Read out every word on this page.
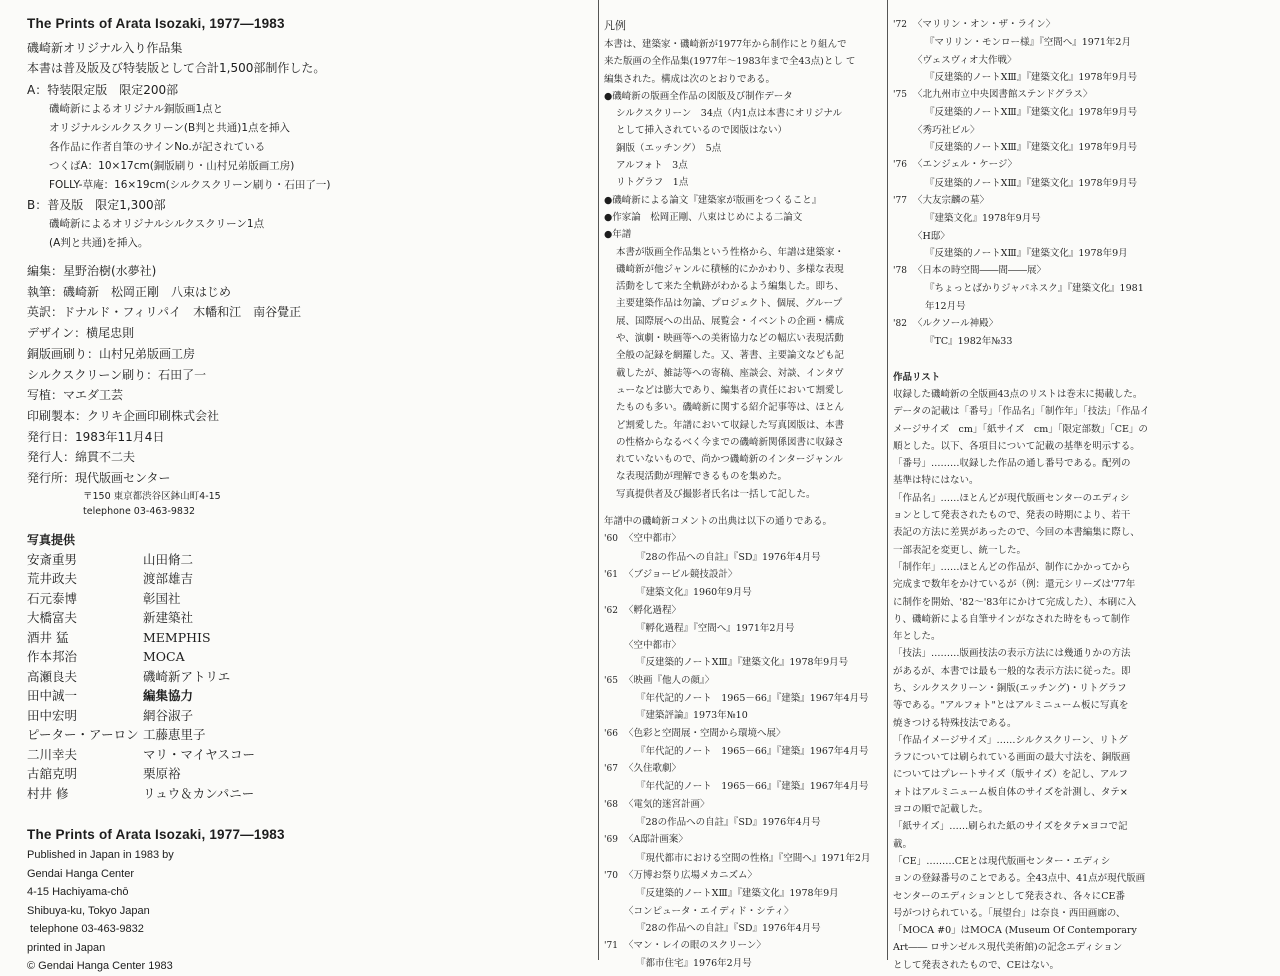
The Prints of Arata Isozaki, 1977—1983
磯崎新オリジナル入り作品集
本書は普及版及び特装版として合計1,500部制作した。
A：特装限定版　限定200部
磯崎新によるオリジナル銅版画1点と
オリジナルシルクスクリーン(B判と共通)1点を挿入
各作品に作者自筆のサインNo.が記されている
つくばA：10×17cm(銅版刷り・山村兄弟版画工房)
FOLLY-草庵：16×19cm(シルクスクリーン刷り・石田了一)
B：普及版　限定1,300部
磯崎新によるオリジナルシルクスクリーン1点
(A判と共通)を挿入。
編集：星野治樹(水夢社)
執筆：磯崎新　松岡正剛　八束はじめ
英訳：ドナルド・フィリパイ　木幡和江　南谷覺正
デザイン：横尾忠則
銅版画刷り：山村兄弟版画工房
シルクスクリーン刷り：石田了一
写植：マエダ工芸
印刷製本：クリキ企画印刷株式会社
発行日：1983年11月4日
発行人：綿貫不二夫
発行所：現代版画センター
〒150 東京都渋谷区鉢山町4-15
telephone 03-463-9832
写真提供
安斎重男	山田脩二
荒井政夫	渡部雄吉
石元泰博	彰国社
大橋富夫	新建築社
酒井 猛	MEMPHIS
作本邦治	MOCA
高瀬良夫	磯崎新アトリエ
田中誠一	編集協力
田中宏明	網谷淑子
ピーター・アーロン 工藤恵里子
二川幸夫	マリ・マイヤスコー
古舘克明	栗原裕
村井 修	リュウ＆カンパニー
The Prints of Arata Isozaki, 1977—1983
Published in Japan in 1983 by
Gendai Hanga Center
4-15 Hachiyama-chō
Shibuya-ku, Tokyo Japan
telephone 03-463-9832
printed in Japan
© Gendai Hanga Center 1983
凡例
本書は、建築家・磯崎新が1977年から制作にとり組んで
来た版画の全作品集(1977年〜1983年まで全43点)とし て
編集された。構成は次のとおりである。
●磯崎新の版画全作品の図版及び制作データ
シルクスクリーン　34点（内1点は本書にオリジナル
として挿入されているので図版はない）
銅版（エッチング）　5点
アルフォト　3点
リトグラフ　1点
●磯崎新による論文『建築家が版画をつくること』
●作家論　松岡正剛、八束はじめによる二論文
●年譜
本書が版画全作品集という性格から、年譜は建築家・
磯崎新が他ジャンルに積極的にかかわり、多様な表現
活動をして来た全軌跡がわかるよう編集した。即ち、
主要建築作品は勿論、プロジェクト、個展、グループ
展、国際展への出品、展覧会・イベントの企画・構成
や、演劇・映画等への美術協力などの幅広い表現活動
全般の記録を網羅した。又、著書、主要論文なども記
載したが、雑誌等への寄稿、座談会、対談、インタヴ
ューなどは膨大であり、編集者の責任において割愛し
たものも多い。磯崎新に関する紹介記事等は、ほとん
ど割愛した。年譜において収録した写真図版は、本書
の性格からなるべく今までの磯崎新関係図書に収録さ
れていないもので、尚かつ磯崎新のインタージャンル
な表現活動が理解できるものを集めた。
写真提供者及び撮影者氏名は一括して記した。
年譜中の磯崎新コメントの出典は以下の通りである。
'60 〈空中都市〉
『28の作品への自註』『SD』1976年4月号
'61 〈ブジョービル競技設計〉
『建築文化』1960年9月号
'62 〈孵化過程〉
『孵化過程』『空間へ』1971年2月号
〈空中都市〉
『反建築的ノートⅩⅢ』『建築文化』1978年9月号
'65 〈映画『他人の顔』〉
『年代記的ノート　1965－66』『建築』1967年4月号
『建築評論』1973年№10
'66 〈色彩と空間展・空間から環境へ展〉
『年代記的ノート　1965－66』『建築』1967年4月号
'67 〈久住歌劇〉
『年代記的ノート　1965－66』『建築』1967年4月号
'68 〈電気的迷宮計画〉
『28の作品への自註』『SD』1976年4月号
'69 〈A邸計画案〉
『現代都市における空間の性格』『空間へ』1971年2月
'70 〈万博お祭り広場メカニズム〉
『反建築的ノートⅩⅢ』『建築文化』1978年9月
〈コンピュータ・エイディド・シティ〉
『28の作品への自註』『SD』1976年4月号
'71 〈マン・レイの眼のスクリーン〉
『都市住宅』1976年2月号
'72 〈マリリン・オン・ザ・ライン〉
『マリリン・モンロー様』『空間へ』1971年2月
〈ヴェスヴィオ大作戦〉
『反建築的ノートⅩⅢ』『建築文化』1978年9月号
'75 〈北九州市立中央図書館ステンドグラス〉
『反建築的ノートⅩⅢ』『建築文化』1978年9月号
〈秀巧社ビル〉
『反建築的ノートⅩⅢ』『建築文化』1978年9月号
'76 〈エンジェル・ケージ〉
『反建築的ノートⅩⅢ』『建築文化』1978年9月号
'77 〈大友宗麟の墓〉
『建築文化』1978年9月号
〈H邸〉
『反建築的ノートⅩⅢ』『建築文化』1978年9月
'78 〈日本の時空間――間――展〉
『ちょっとばかりジャパネスク』『建築文化』1981
年12月号
'82 〈ルクソール神殿〉
『TC』1982年№33
作品リスト
収録した磯崎新の全版画43点のリストは巻末に掲載した。
データの記載は「番号」「作品名」「制作年」「技法」「作品イ
メージサイズ　cm」「紙サイズ　cm」「限定部数」「CE」の
順とした。以下、各項目について記載の基準を明示する。
「番号」………収録した作品の通し番号である。配列の
基準は特にはない。
「作品名」……ほとんどが現代版画センターのエディシ
ョンとして発表されたもので、発表の時期により、若干
表記の方法に差異があったので、今回の本書編集に際し、
一部表記を変更し、統一した。
「制作年」……ほとんどの作品が、制作にかかってから
完成まで数年をかけているが（例：還元シリーズは'77年
に制作を開始、'82〜'83年にかけて完成した）、本刷に入
り、磯崎新による自筆サインがなされた時をもって制作
年とした。
「技法」………版画技法の表示方法には幾通りかの方法
があるが、本書では最も一般的な表示方法に従った。即
ち、シルクスクリーン・銅版(エッチング)・リトグラフ
等である。"アルフォト"とはアルミニューム板に写真を
焼きつける特殊技法である。
「作品イメージサイズ」……シルクスクリーン、リトグ
ラフについては刷られている画面の最大寸法を、銅版画
についてはプレートサイズ（版サイズ）を記し、アルフ
ォトはアルミニューム板自体のサイズを計測し、タテ×
ヨコの順で記載した。
「紙サイズ」……刷られた紙のサイズをタテ×ヨコで記
載。
「CE」………CEとは現代版画センター・エディシ
ョンの登録番号のことである。全43点中、41点が現代版画
センターのエディションとして発表され、各々にCE番
号がつけられている。「展望台」は奈良・西田画廊の、
「MOCA #0」はMOCA (Museum Of Contemporary
Art―― ロサンゼルス現代美術館)の記念エディション
として発表されたもので、CEはない。
